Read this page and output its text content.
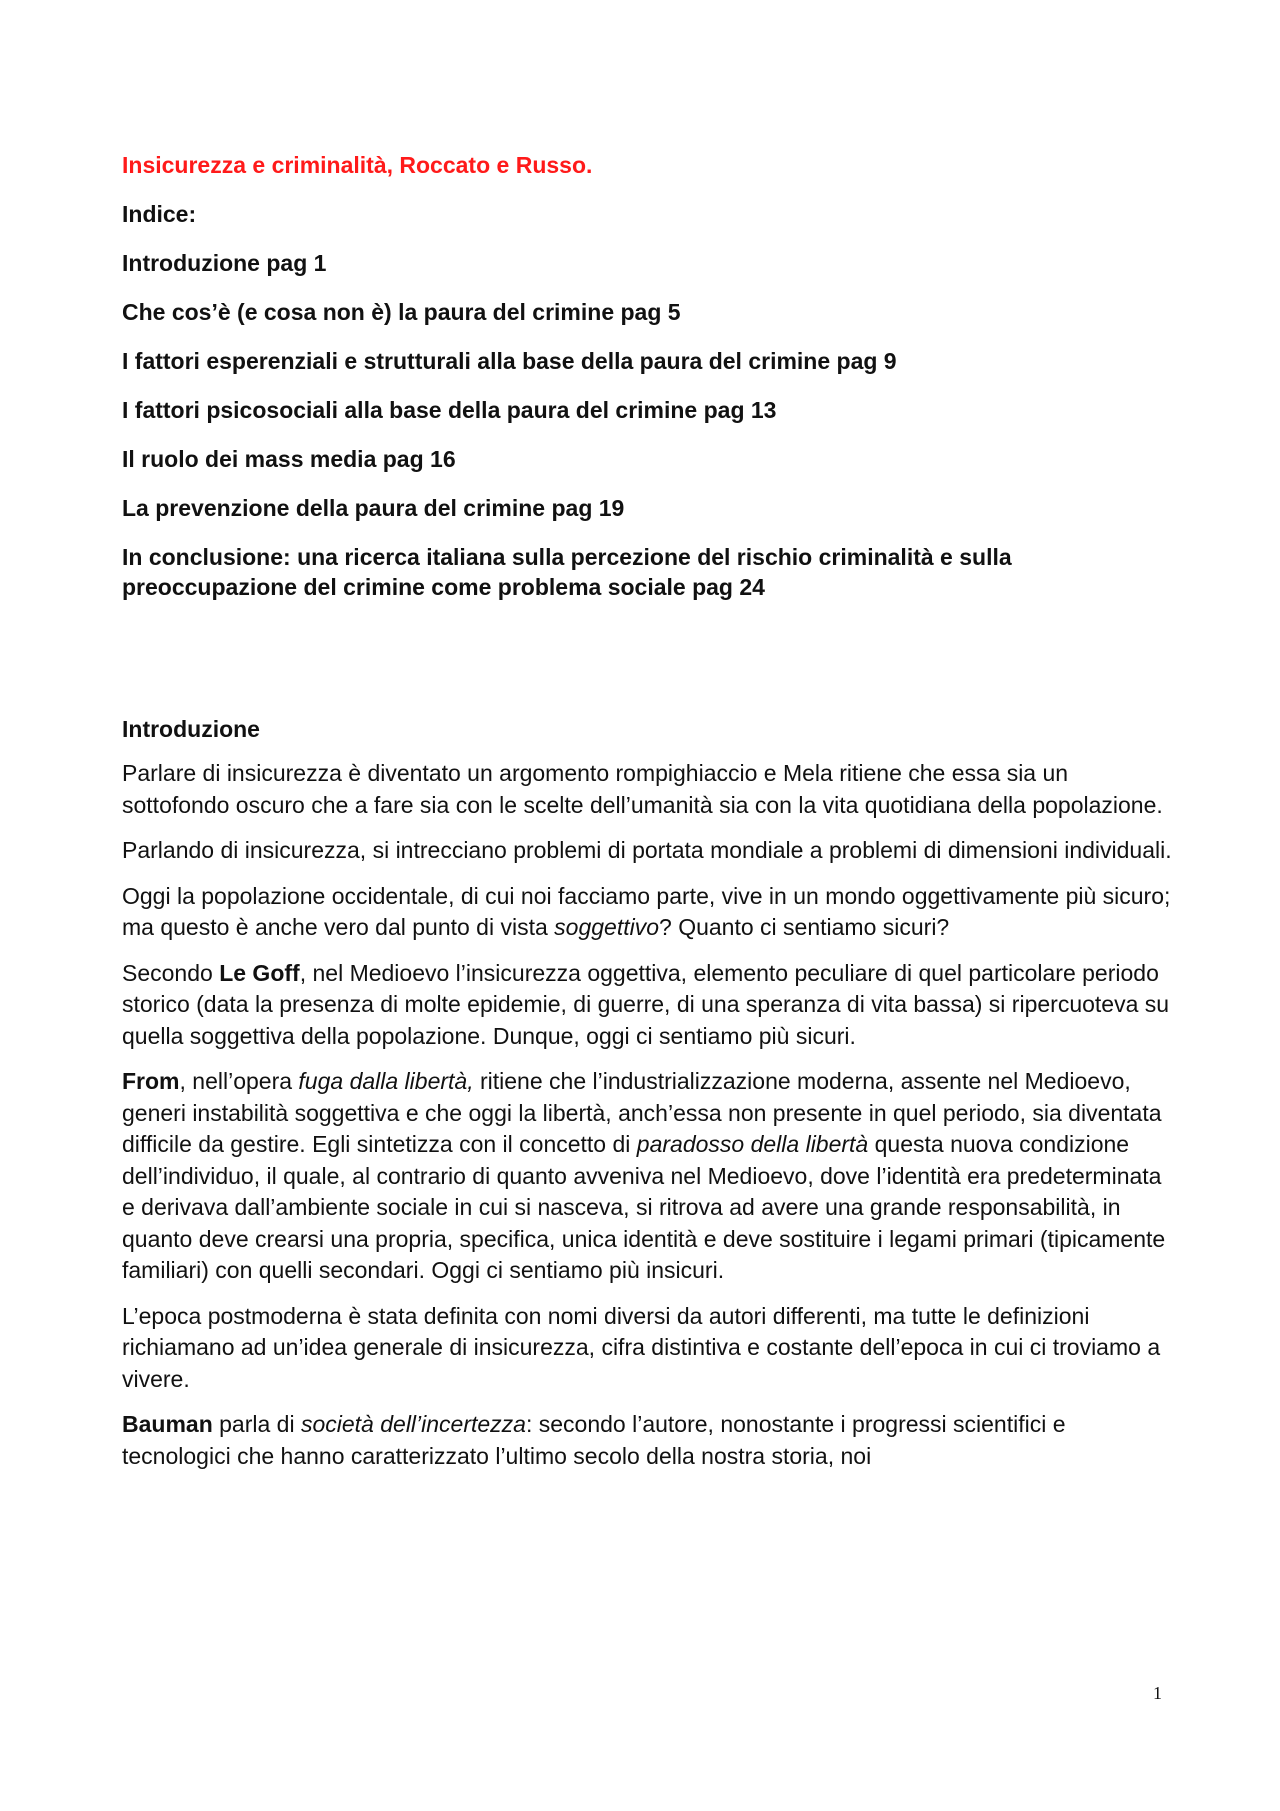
Insicurezza e criminalità, Roccato e Russo.

Indice:

Introduzione pag 1
Che cos’è (e cosa non è) la paura del crimine pag 5
I fattori esperenziali e strutturali alla base della paura del crimine pag 9
I fattori psicosociali alla base della paura del crimine pag 13
Il ruolo dei mass media pag 16
La prevenzione della paura del crimine pag 19
In conclusione: una ricerca italiana sulla percezione del rischio criminalità e sulla preoccupazione del crimine come problema sociale pag 24

Introduzione

Parlare di insicurezza è diventato un argomento rompighiaccio e Mela ritiene che essa sia un sottofondo oscuro che a fare sia con le scelte dell’umanità sia con la vita quotidiana della popolazione.

Parlando di insicurezza, si intrecciano problemi di portata mondiale a problemi di dimensioni individuali.

Oggi la popolazione occidentale, di cui noi facciamo parte, vive in un mondo oggettivamente più sicuro; ma questo è anche vero dal punto di vista soggettivo? Quanto ci sentiamo sicuri?

Secondo Le Goff, nel Medioevo l’insicurezza oggettiva, elemento peculiare di quel particolare periodo storico (data la presenza di molte epidemie, di guerre, di una speranza di vita bassa) si ripercuoteva su quella soggettiva della popolazione. Dunque, oggi ci sentiamo più sicuri.

From, nell’opera fuga dalla libertà, ritiene che l’industrializzazione moderna, assente nel Medioevo, generi instabilità soggettiva e che oggi la libertà, anch’essa non presente in quel periodo, sia diventata difficile da gestire. Egli sintetizza con il concetto di paradosso della libertà questa nuova condizione dell’individuo, il quale, al contrario di quanto avveniva nel Medioevo, dove l’identità era predeterminata e derivava dall’ambiente sociale in cui si nasceva, si ritrova ad avere una grande responsabilità, in quanto deve crearsi una propria, specifica, unica identità e deve sostituire i legami primari (tipicamente familiari) con quelli secondari. Oggi ci sentiamo più insicuri.

L’epoca postmoderna è stata definita con nomi diversi da autori differenti, ma tutte le definizioni richiamano ad un’idea generale di insicurezza, cifra distintiva e costante dell’epoca in cui ci troviamo a vivere.

Bauman parla di società dell’incertezza: secondo l’autore, nonostante i progressi scientifici e tecnologici che hanno caratterizzato l’ultimo secolo della nostra storia, noi

1
